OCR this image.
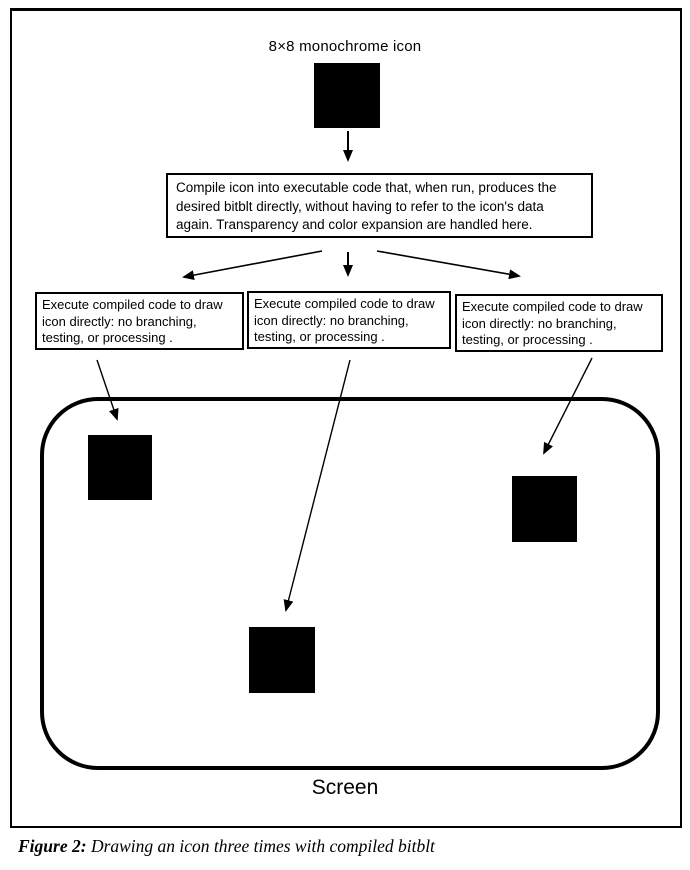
8×8 monochrome icon
Compile icon into executable code that, when run, produces the desired bitblt directly, without having to refer to the icon's data again. Transparency and color expansion are handled here.
Execute compiled code to draw icon directly: no branching, testing, or processing .
Execute compiled code to draw icon directly: no branching, testing, or processing .
Execute compiled code to draw icon directly: no branching, testing, or processing .
Screen
Figure 2: Drawing an icon three times with compiled bitblt
